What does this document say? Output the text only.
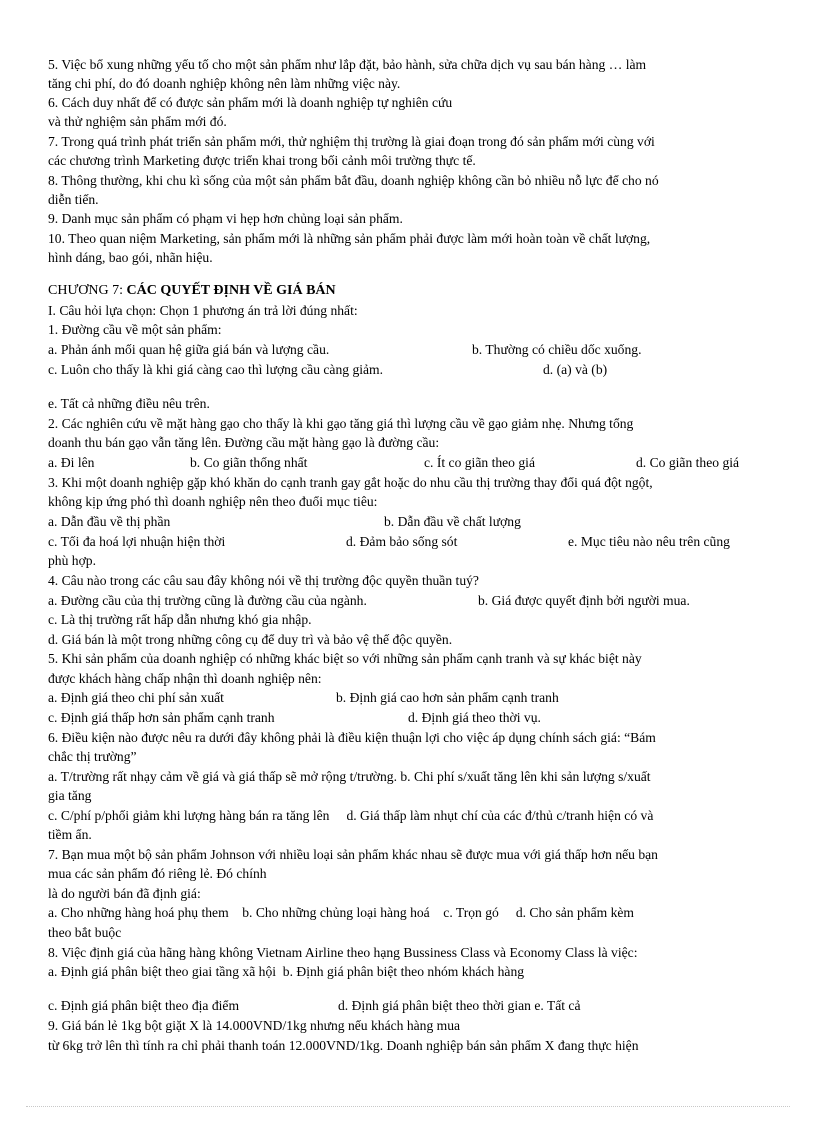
5. Việc bổ xung những yếu tố cho một sản phẩm như lắp đặt, bảo hành, sửa chữa dịch vụ sau bán hàng … làm
tăng chi phí, do đó doanh nghiệp không nên làm những việc này.
6. Cách duy nhất để có được sản phẩm mới là doanh nghiệp tự nghiên cứu
và thử nghiệm sản phẩm mới đó.
7. Trong quá trình phát triển sản phẩm mới, thử nghiệm thị trường là giai đoạn trong đó sản phẩm mới cùng với
các chương trình Marketing được triển khai trong bối cảnh môi trường thực tế.
8. Thông thường, khi chu kì sống của một sản phẩm bắt đầu, doanh nghiệp không cần bỏ nhiều nỗ lực để cho nó
diễn tiến.
9. Danh mục sản phẩm có phạm vi hẹp hơn chủng loại sản phẩm.
10. Theo quan niệm Marketing, sản phẩm mới là những sản phẩm phải được làm mới hoàn toàn về chất lượng,
hình dáng, bao gói, nhãn hiệu.
CHƯƠNG 7: CÁC QUYẾT ĐỊNH VỀ GIÁ BÁN
I. Câu hỏi lựa chọn: Chọn 1 phương án trả lời đúng nhất:
1. Đường cầu về một sản phẩm:
a. Phản ánh mối quan hệ giữa giá bán và lượng cầu.	b. Thường có chiều dốc xuống.
c. Luôn cho thấy là khi giá càng cao thì lượng cầu càng giảm.	d. (a) và (b)
e. Tất cả những điều nêu trên.
2. Các nghiên cứu về mặt hàng gạo cho thấy là khi gạo tăng giá thì lượng cầu về gạo giảm nhẹ. Nhưng tổng
doanh thu bán gạo vẫn tăng lên. Đường cầu mặt hàng gạo là đường cầu:
a. Đi lên	b. Co giãn thống nhất	c. Ít co giãn theo giá	d. Co giãn theo giá
3. Khi một doanh nghiệp gặp khó khăn do cạnh tranh gay gắt hoặc do nhu cầu thị trường thay đổi quá đột ngột,
không kịp ứng phó thì doanh nghiệp nên theo đuổi mục tiêu:
a. Dẫn đầu về thị phần	b. Dẫn đầu về chất lượng
c. Tối đa hoá lợi nhuận hiện thời	d. Đảm bảo sống sót	e. Mục tiêu nào nêu trên cũng
phù hợp.
4. Câu nào trong các câu sau đây không nói về thị trường độc quyền thuần tuý?
a. Đường cầu của thị trường cũng là đường cầu của ngành.	b. Giá được quyết định bởi người mua.
c. Là thị trường rất hấp dẫn nhưng khó gia nhập.
d. Giá bán là một trong những công cụ để duy trì và bảo vệ thế độc quyền.
5. Khi sản phẩm của doanh nghiệp có những khác biệt so với những sản phẩm cạnh tranh và sự khác biệt này
được khách hàng chấp nhận thì doanh nghiệp nên:
a. Định giá theo chi phí sản xuất	b. Định giá cao hơn sản phẩm cạnh tranh
c. Định giá thấp hơn sản phẩm cạnh tranh	d. Định giá theo thời vụ.
6. Điều kiện nào được nêu ra dưới đây không phải là điều kiện thuận lợi cho việc áp dụng chính sách giá: “Bám
chắc thị trường”
a. T/trường rất nhạy cảm về giá và giá thấp sẽ mở rộng t/trường. b. Chi phí s/xuất tăng lên khi sản lượng s/xuất
gia tăng
c. C/phí p/phối giảm khi lượng hàng bán ra tăng lên     d. Giá thấp làm nhụt chí của các đ/thủ c/tranh hiện có và
tiềm ẩn.
7. Bạn mua một bộ sản phẩm Johnson với nhiều loại sản phẩm khác nhau sẽ được mua với giá thấp hơn nếu bạn
mua các sản phẩm đó riêng lẻ. Đó chính
là do người bán đã định giá:
a. Cho những hàng hoá phụ them    b. Cho những chủng loại hàng hoá    c. Trọn gó     d. Cho sản phẩm kèm
theo bắt buộc
8. Việc định giá của hãng hàng không Vietnam Airline theo hạng Bussiness Class và Economy Class là việc:
a. Định giá phân biệt theo giai tầng xã hội  b. Định giá phân biệt theo nhóm khách hàng
c. Định giá phân biệt theo địa điểm	d. Định giá phân biệt theo thời gian e. Tất cả
9. Giá bán lẻ 1kg bột giặt X là 14.000VND/1kg nhưng nếu khách hàng mua
từ 6kg trở lên thì tính ra chỉ phải thanh toán 12.000VND/1kg. Doanh nghiệp bán sản phẩm X đang thực hiện
